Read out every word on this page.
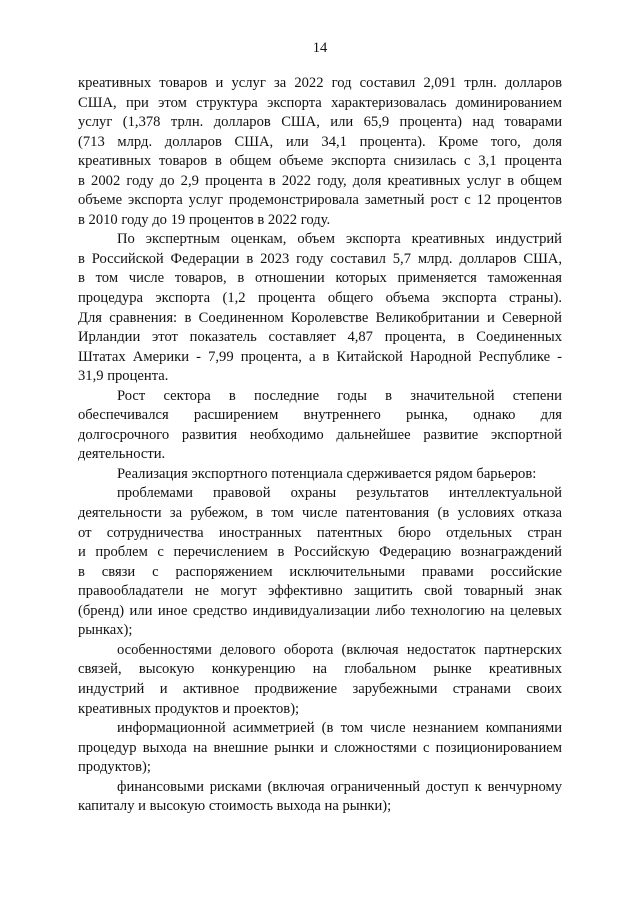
14
креативных товаров и услуг за 2022 год составил 2,091 трлн. долларов
США, при этом структура экспорта характеризовалась доминированием
услуг (1,378 трлн. долларов США, или 65,9 процента) над товарами
(713 млрд. долларов США, или 34,1 процента). Кроме того, доля
креативных товаров в общем объеме экспорта снизилась с 3,1 процента
в 2002 году до 2,9 процента в 2022 году, доля креативных услуг в общем
объеме экспорта услуг продемонстрировала заметный рост с 12 процентов
в 2010 году до 19 процентов в 2022 году.
По экспертным оценкам, объем экспорта креативных индустрий
в Российской Федерации в 2023 году составил 5,7 млрд. долларов США,
в том числе товаров, в отношении которых применяется таможенная
процедура экспорта (1,2 процента общего объема экспорта страны).
Для сравнения: в Соединенном Королевстве Великобритании и Северной
Ирландии этот показатель составляет 4,87 процента, в Соединенных
Штатах Америки - 7,99 процента, а в Китайской Народной Республике -
31,9 процента.
Рост сектора в последние годы в значительной степени
обеспечивался расширением внутреннего рынка, однако для
долгосрочного развития необходимо дальнейшее развитие экспортной
деятельности.
Реализация экспортного потенциала сдерживается рядом барьеров:
проблемами правовой охраны результатов интеллектуальной
деятельности за рубежом, в том числе патентования (в условиях отказа
от сотрудничества иностранных патентных бюро отдельных стран
и проблем с перечислением в Российскую Федерацию вознаграждений
в связи с распоряжением исключительными правами российские
правообладатели не могут эффективно защитить свой товарный знак
(бренд) или иное средство индивидуализации либо технологию на целевых
рынках);
особенностями делового оборота (включая недостаток партнерских
связей, высокую конкуренцию на глобальном рынке креативных
индустрий и активное продвижение зарубежными странами своих
креативных продуктов и проектов);
информационной асимметрией (в том числе незнанием компаниями
процедур выхода на внешние рынки и сложностями с позиционированием
продуктов);
финансовыми рисками (включая ограниченный доступ к венчурному
капиталу и высокую стоимость выхода на рынки);
